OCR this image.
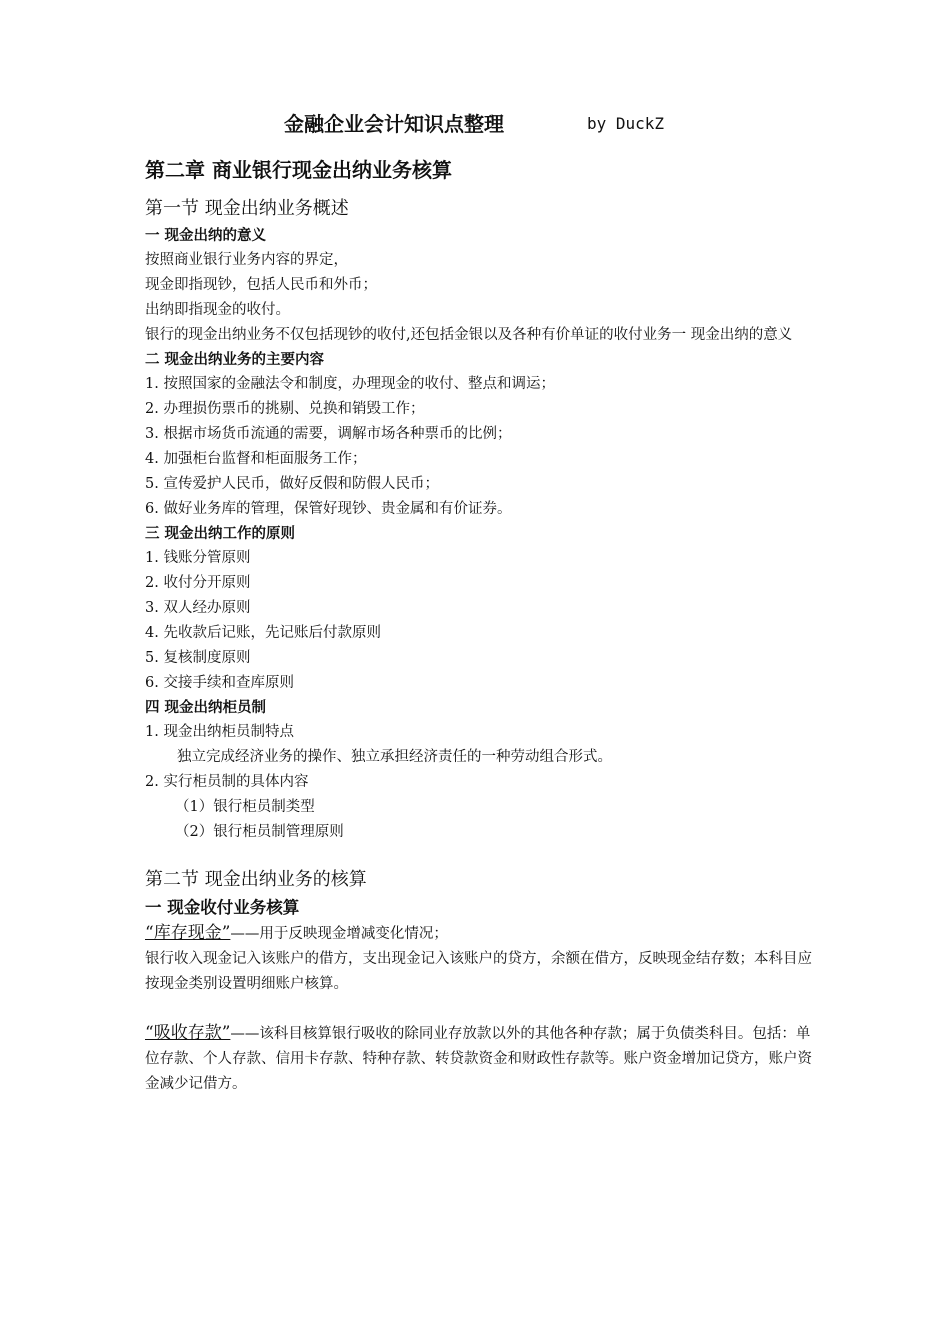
金融企业会计知识点整理	by DuckZ
第二章 商业银行现金出纳业务核算
第一节 现金出纳业务概述
一 现金出纳的意义
按照商业银行业务内容的界定，
现金即指现钞，包括人民币和外币；
出纳即指现金的收付。
银行的现金出纳业务不仅包括现钞的收付,还包括金银以及各种有价单证的收付业务一 现金出纳的意义
二 现金出纳业务的主要内容
1. 按照国家的金融法令和制度，办理现金的收付、整点和调运；
2. 办理损伤票币的挑剔、兑换和销毁工作；
3. 根据市场货币流通的需要，调解市场各种票币的比例；
4. 加强柜台监督和柜面服务工作；
5. 宣传爱护人民币，做好反假和防假人民币；
6. 做好业务库的管理，保管好现钞、贵金属和有价证券。
三 现金出纳工作的原则
1. 钱账分管原则
2. 收付分开原则
3. 双人经办原则
4. 先收款后记账，先记账后付款原则
5. 复核制度原则
6. 交接手续和查库原则
四 现金出纳柜员制
1. 现金出纳柜员制特点
独立完成经济业务的操作、独立承担经济责任的一种劳动组合形式。
2. 实行柜员制的具体内容
（1）银行柜员制类型
（2）银行柜员制管理原则
第二节 现金出纳业务的核算
一 现金收付业务核算
“库存现金”——用于反映现金增减变化情况；
银行收入现金记入该账户的借方，支出现金记入该账户的贷方，余额在借方，反映现金结存数；本科目应按现金类别设置明细账户核算。
“吸收存款”——该科目核算银行吸收的除同业存放款以外的其他各种存款；属于负债类科目。包括：单位存款、个人存款、信用卡存款、特种存款、转贷款资金和财政性存款等。账户资金增加记贷方，账户资金减少记借方。
